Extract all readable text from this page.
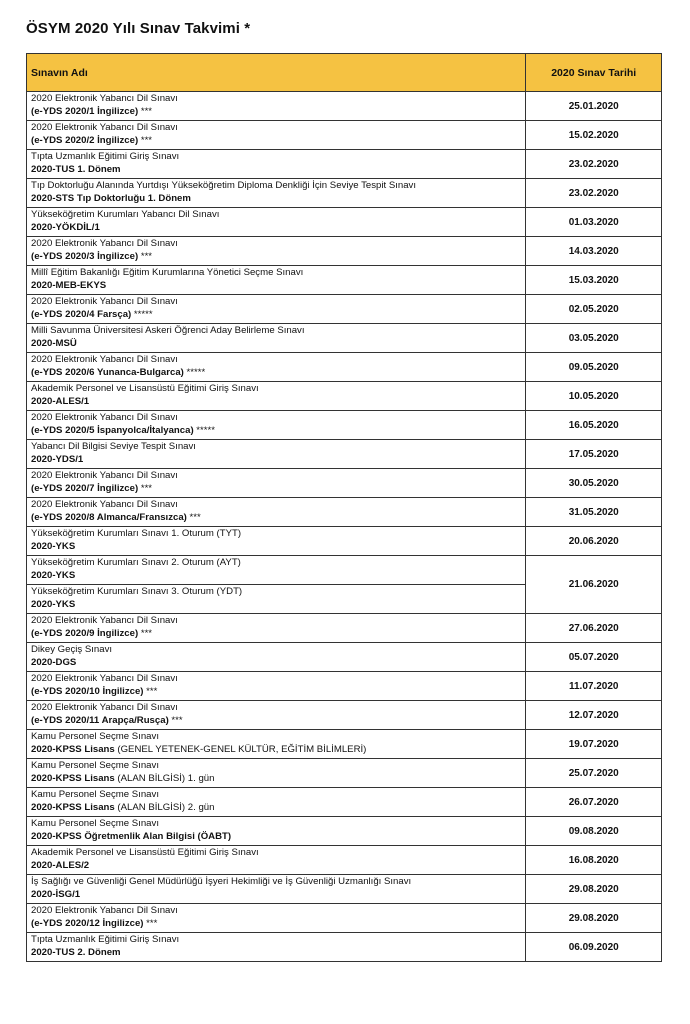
ÖSYM 2020 Yılı Sınav Takvimi *
Sınavın Adı	2020 Sınav Tarihi

2020 Elektronik Yabancı Dil Sınavı
(e-YDS 2020/1 İngilizce) ***	25.01.2020

2020 Elektronik Yabancı Dil Sınavı
(e-YDS 2020/2 İngilizce) ***	15.02.2020

Tıpta Uzmanlık Eğitimi Giriş Sınavı
2020-TUS 1. Dönem	23.02.2020

Tıp Doktorluğu Alanında Yurtdışı Yükseköğretim Diploma Denkliği İçin Seviye Tespit Sınavı
2020-STS Tıp Doktorluğu 1. Dönem	23.02.2020

Yükseköğretim Kurumları Yabancı Dil Sınavı
2020-YÖKDİL/1	01.03.2020

2020 Elektronik Yabancı Dil Sınavı
(e-YDS 2020/3 İngilizce) ***	14.03.2020

Millî Eğitim Bakanlığı Eğitim Kurumlarına Yönetici Seçme Sınavı
2020-MEB-EKYS	15.03.2020

2020 Elektronik Yabancı Dil Sınavı
(e-YDS 2020/4 Farsça) *****	02.05.2020

Milli Savunma Üniversitesi Askeri Öğrenci Aday Belirleme Sınavı
2020-MSÜ	03.05.2020

2020 Elektronik Yabancı Dil Sınavı
(e-YDS 2020/6 Yunanca-Bulgarca) *****	09.05.2020

Akademik Personel ve Lisansüstü Eğitimi Giriş Sınavı
2020-ALES/1	10.05.2020

2020 Elektronik Yabancı Dil Sınavı
(e-YDS 2020/5 İspanyolca/İtalyanca) *****	16.05.2020

Yabancı Dil Bilgisi Seviye Tespit Sınavı
2020-YDS/1	17.05.2020

2020 Elektronik Yabancı Dil Sınavı
(e-YDS 2020/7 İngilizce) ***	30.05.2020

2020 Elektronik Yabancı Dil Sınavı
(e-YDS 2020/8 Almanca/Fransızca) ***	31.05.2020

Yükseköğretim Kurumları Sınavı 1. Oturum (TYT)
2020-YKS	20.06.2020

Yükseköğretim Kurumları Sınavı 2. Oturum (AYT)
2020-YKS	21.06.2020

Yükseköğretim Kurumları Sınavı 3. Oturum (YDT)
2020-YKS	

2020 Elektronik Yabancı Dil Sınavı
(e-YDS 2020/9 İngilizce) ***	27.06.2020

Dikey Geçiş Sınavı
2020-DGS	05.07.2020

2020 Elektronik Yabancı Dil Sınavı
(e-YDS 2020/10 İngilizce) ***	11.07.2020

2020 Elektronik Yabancı Dil Sınavı
(e-YDS 2020/11 Arapça/Rusça) ***	12.07.2020

Kamu Personel Seçme Sınavı
2020-KPSS Lisans (GENEL YETENEK-GENEL KÜLTÜR, EĞİTİM BİLİMLERİ)	19.07.2020

Kamu Personel Seçme Sınavı
2020-KPSS Lisans (ALAN BİLGİSİ) 1. gün	25.07.2020

Kamu Personel Seçme Sınavı
2020-KPSS Lisans (ALAN BİLGİSİ) 2. gün	26.07.2020

Kamu Personel Seçme Sınavı
2020-KPSS Öğretmenlik Alan Bilgisi (ÖABT)	09.08.2020

Akademik Personel ve Lisansüstü Eğitimi Giriş Sınavı
2020-ALES/2	16.08.2020

İş Sağlığı ve Güvenliği Genel Müdürlüğü İşyeri Hekimliği ve İş Güvenliği Uzmanlığı Sınavı
2020-İSG/1	29.08.2020

2020 Elektronik Yabancı Dil Sınavı
(e-YDS 2020/12 İngilizce) ***	29.08.2020

Tıpta Uzmanlık Eğitimi Giriş Sınavı
2020-TUS 2. Dönem	06.09.2020
